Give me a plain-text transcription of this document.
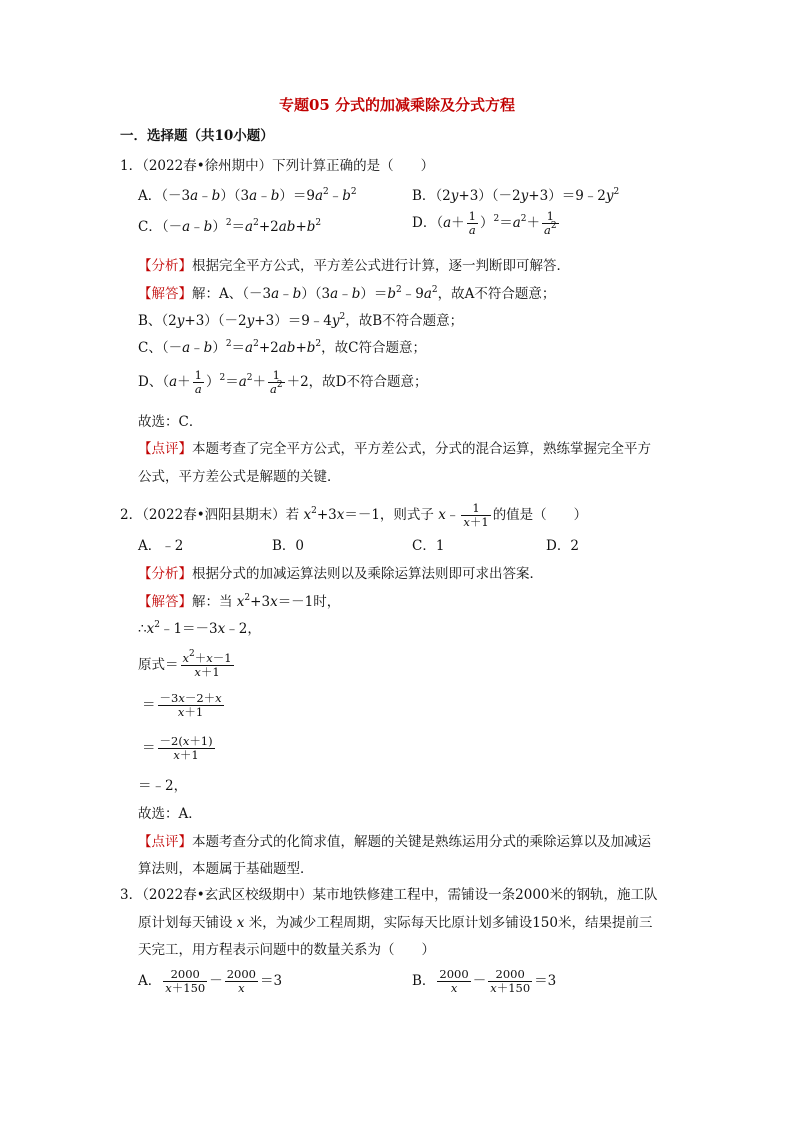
专题05 分式的加减乘除及分式方程
一．选择题（共10小题）
1．（2022春•徐州期中）下列计算正确的是（　　）
A．$(-3a﹣b)(3a﹣b)=9a^2﹣b^2$	B．$(2y+3)(-2y+3)=9﹣2y^2$
C．$(-a﹣b)^2=a^2+2ab+b^2$	D．$(a+ \frac{1}{a} )^2=a^2+ \frac{1}{a^2}$
【分析】根据完全平方公式，平方差公式进行计算，逐一判断即可解答．
【解答】解：A、$(-3a﹣b)(3a﹣b)=b^2﹣9a^2$，故A不符合题意；
B、$(2y+3)(-2y+3)=9﹣4y^2$，故B不符合题意；
C、$(-a﹣b)^2=a^2+2ab+b^2$，故C符合题意；
D、$(a+ \frac{1}{a} )^2=a^2+ \frac{1}{a^2} +2$，故D不符合题意；
故选：C．
【点评】本题考查了完全平方公式，平方差公式，分式的混合运算，熟练掌握完全平方
公式，平方差公式是解题的关键．
2．（2022春•泗阳县期末）若 $x^2+3x=-1$，则式子 x﹣ $\frac{1}{x+1}$ 的值是（　　）
A．﹣2	B．0	C．1	D．2
【分析】根据分式的加减运算法则以及乘除运算法则即可求出答案．
【解答】解：当 $x^2+3x=-1$时，
$\therefore x^2﹣1=-3x﹣2$，
原式＝ $\frac{x^2+x-1}{x+1}$
＝ $\frac{-3x-2+x}{x+1}$
＝ $\frac{-2(x+1)}{x+1}$
＝﹣2，
故选：A．
【点评】本题考查分式的化简求值，解题的关键是熟练运用分式的乘除运算以及加减运
算法则，本题属于基础题型．
3．（2022春•玄武区校级期中）某市地铁修建工程中，需铺设一条2000米的钢轨，施工队
原计划每天铺设 x 米，为减少工程周期，实际每天比原计划多铺设150米，结果提前三
天完工，用方程表示问题中的数量关系为（　　）
A． $\frac{2000}{x+150} - \frac{2000}{x} =3$	B． $\frac{2000}{x} - \frac{2000}{x+150} =3$
